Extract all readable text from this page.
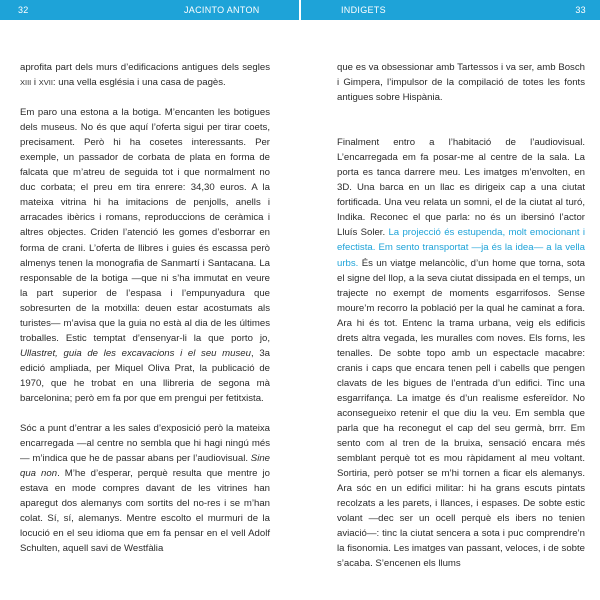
32	JACINTO ANTON	INDIGETS	33

aprofita part dels murs d’edificacions antigues dels segles XIII i XVII: una vella església i una casa de pagès.

Em paro una estona a la botiga. M’encanten les botigues dels museus. No és que aquí l’oferta sigui per tirar coets, precisament. Però hi ha cosetes interessants. Per exemple, un passador de corbata de plata en forma de falcata que m’atreu de seguida tot i que normalment no duc corbata; el preu em tira enrere: 34,30 euros. A la mateixa vitrina hi ha imitacions de penjolls, anells i arracades ibèrics i romans, reproduccions de ceràmica i altres objectes. Criden l’atenció les gomes d’esborrar en forma de crani. L’oferta de llibres i guies és escassa però almenys tenen la monografia de Sanmartí i Santacana. La responsable de la botiga —que ni s’ha immutat en veure la part superior de l’espasa i l’empunyadura que sobresurten de la motxilla: deuen estar acostumats als turistes— m’avisa que la guia no està al dia de les últimes troballes. Estic temptat d’ensenyar-li la que porto jo, Ullastret, guia de les excavacions i el seu museu, 3a edició ampliada, per Miquel Oliva Prat, la publicació de 1970, que he trobat en una llibreria de segona mà barcelonina; però em fa por que em prengui per fetitxista.

Sóc a punt d’entrar a les sales d’exposició però la mateixa encarregada —al centre no sembla que hi hagi ningú més— m’indica que he de passar abans per l’audiovisual. Sine qua non. M’he d’esperar, perquè resulta que mentre jo estava en mode compres davant de les vitrines han aparegut dos alemanys com sortits del no-res i se m’han colat. Sí, sí, alemanys. Mentre escolto el murmuri de la locució en el seu idioma que em fa pensar en el vell Adolf Schulten, aquell savi de Westfàlia

que es va obsessionar amb Tartessos i va ser, amb Bosch i Gimpera, l’impulsor de la compilació de totes les fonts antigues sobre Hispània.

Finalment entro a l’habitació de l’audiovisual. L’encarregada em fa posar-me al centre de la sala. La porta es tanca darrere meu. Les imatges m’envolten, en 3D. Una barca en un llac es dirigeix cap a una ciutat fortificada. Una veu relata un somni, el de la ciutat al turó, Indika. Reconec el que parla: no és un ibersinó l’actor Lluís Soler. La projecció és estupenda, molt emocionant i efectista. Em sento transportat —ja és la idea— a la vella urbs. És un viatge melancòlic, d’un home que torna, sota el signe del llop, a la seva ciutat dissipada en el temps, un trajecte no exempt de moments esgarrifosos. Sense moure’m recorro la població per la qual he caminat a fora. Ara hi és tot. Entenc la trama urbana, veig els edificis drets altra vegada, les muralles com noves. Els forns, les tenalles. De sobte topo amb un espectacle macabre: cranis i caps que encara tenen pell i cabells que pengen clavats de les bigues de l’entrada d’un edifici. Tinc una esgarrifança. La imatge és d’un realisme esfereïdor. No aconsegueixo retenir el que diu la veu. Em sembla que parla que ha reconegut el cap del seu germà, brrr. Em sento com al tren de la bruixa, sensació encara més semblant perquè tot es mou ràpidament al meu voltant. Sortiria, però potser se m’hi tornen a ficar els alemanys. Ara sóc en un edifici militar: hi ha grans escuts pintats recolzats a les parets, i llances, i espases. De sobte estic volant —dec ser un ocell perquè els ibers no tenien aviació—: tinc la ciutat sencera a sota i puc comprendre’n la fisonomia. Les imatges van passant, veloces, i de sobte s’acaba. S’encenen els llums
